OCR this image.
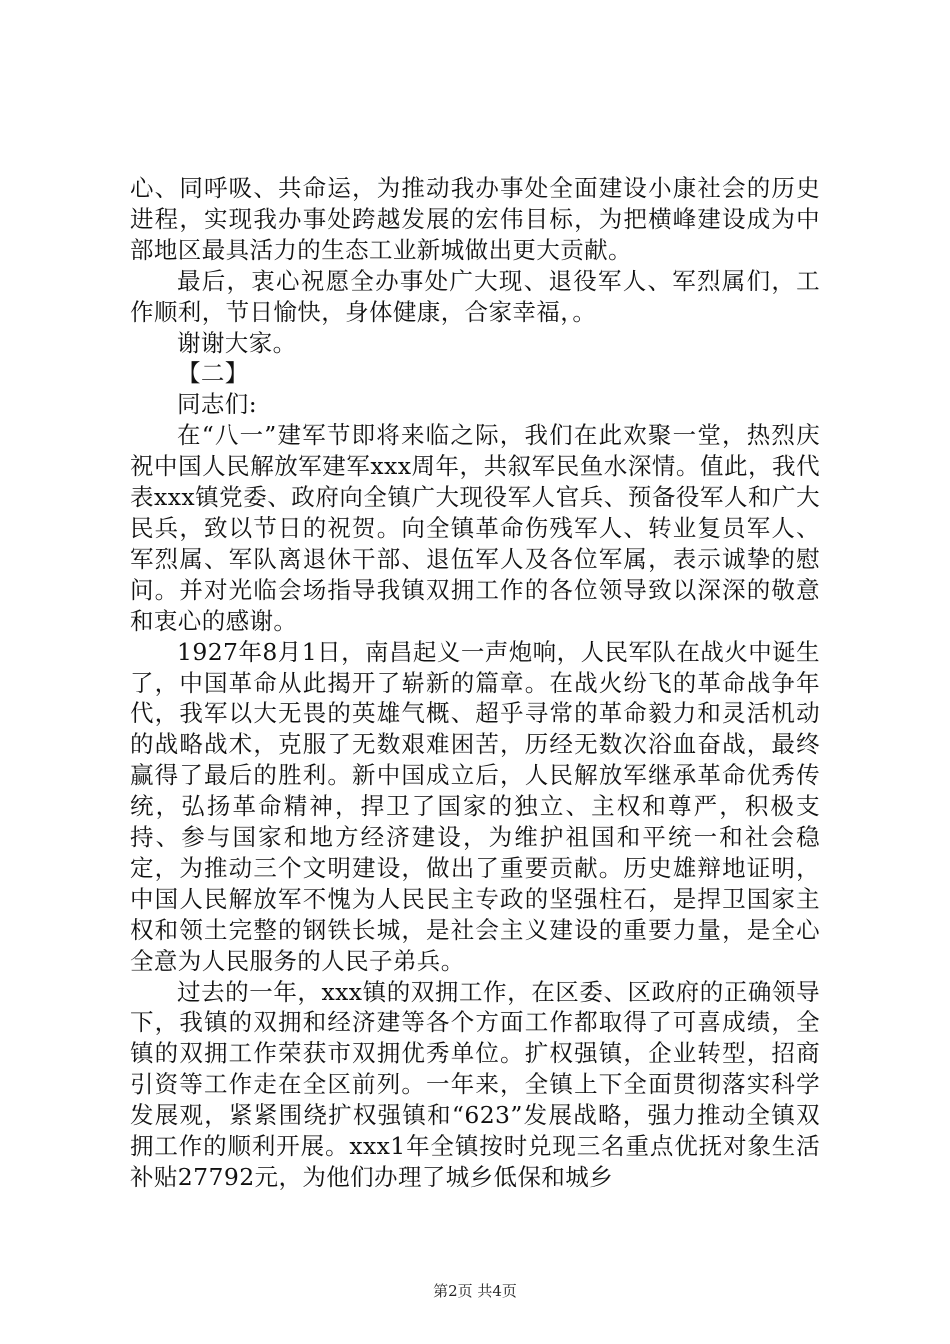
心、同呼吸、共命运，为推动我办事处全面建设小康社会的历史进程，实现我办事处跨越发展的宏伟目标，为把横峰建设成为中部地区最具活力的生态工业新城做出更大贡献。

最后，衷心祝愿全办事处广大现、退役军人、军烈属们，工作顺利，节日愉快，身体健康，合家幸福，。

谢谢大家。

【二】

同志们:

在“八一”建军节即将来临之际，我们在此欢聚一堂，热烈庆祝中国人民解放军建军xxx周年，共叙军民鱼水深情。值此，我代表xxx镇党委、政府向全镇广大现役军人官兵、预备役军人和广大民兵，致以节日的祝贺。向全镇革命伤残军人、转业复员军人、军烈属、军队离退休干部、退伍军人及各位军属，表示诚挚的慰问。并对光临会场指导我镇双拥工作的各位领导致以深深的敬意和衷心的感谢。

1927年8月1日，南昌起义一声炮响，人民军队在战火中诞生了，中国革命从此揭开了崭新的篇章。在战火纷飞的革命战争年代，我军以大无畏的英雄气概、超乎寻常的革命毅力和灵活机动的战略战术，克服了无数艰难困苦，历经无数次浴血奋战，最终赢得了最后的胜利。新中国成立后，人民解放军继承革命优秀传统，弘扬革命精神，捍卫了国家的独立、主权和尊严，积极支持、参与国家和地方经济建设，为维护祖国和平统一和社会稳定，为推动三个文明建设，做出了重要贡献。历史雄辩地证明，中国人民解放军不愧为人民民主专政的坚强柱石，是捍卫国家主权和领土完整的钢铁长城，是社会主义建设的重要力量，是全心全意为人民服务的人民子弟兵。

过去的一年，xxx镇的双拥工作，在区委、区政府的正确领导下，我镇的双拥和经济建等各个方面工作都取得了可喜成绩，全镇的双拥工作荣获市双拥优秀单位。扩权强镇，企业转型，招商引资等工作走在全区前列。一年来，全镇上下全面贯彻落实科学发展观，紧紧围绕扩权强镇和“623”发展战略，强力推动全镇双拥工作的顺利开展。xxx1年全镇按时兑现三名重点优抚对象生活补贴27792元，为他们办理了城乡低保和城乡

第2页 共4页
